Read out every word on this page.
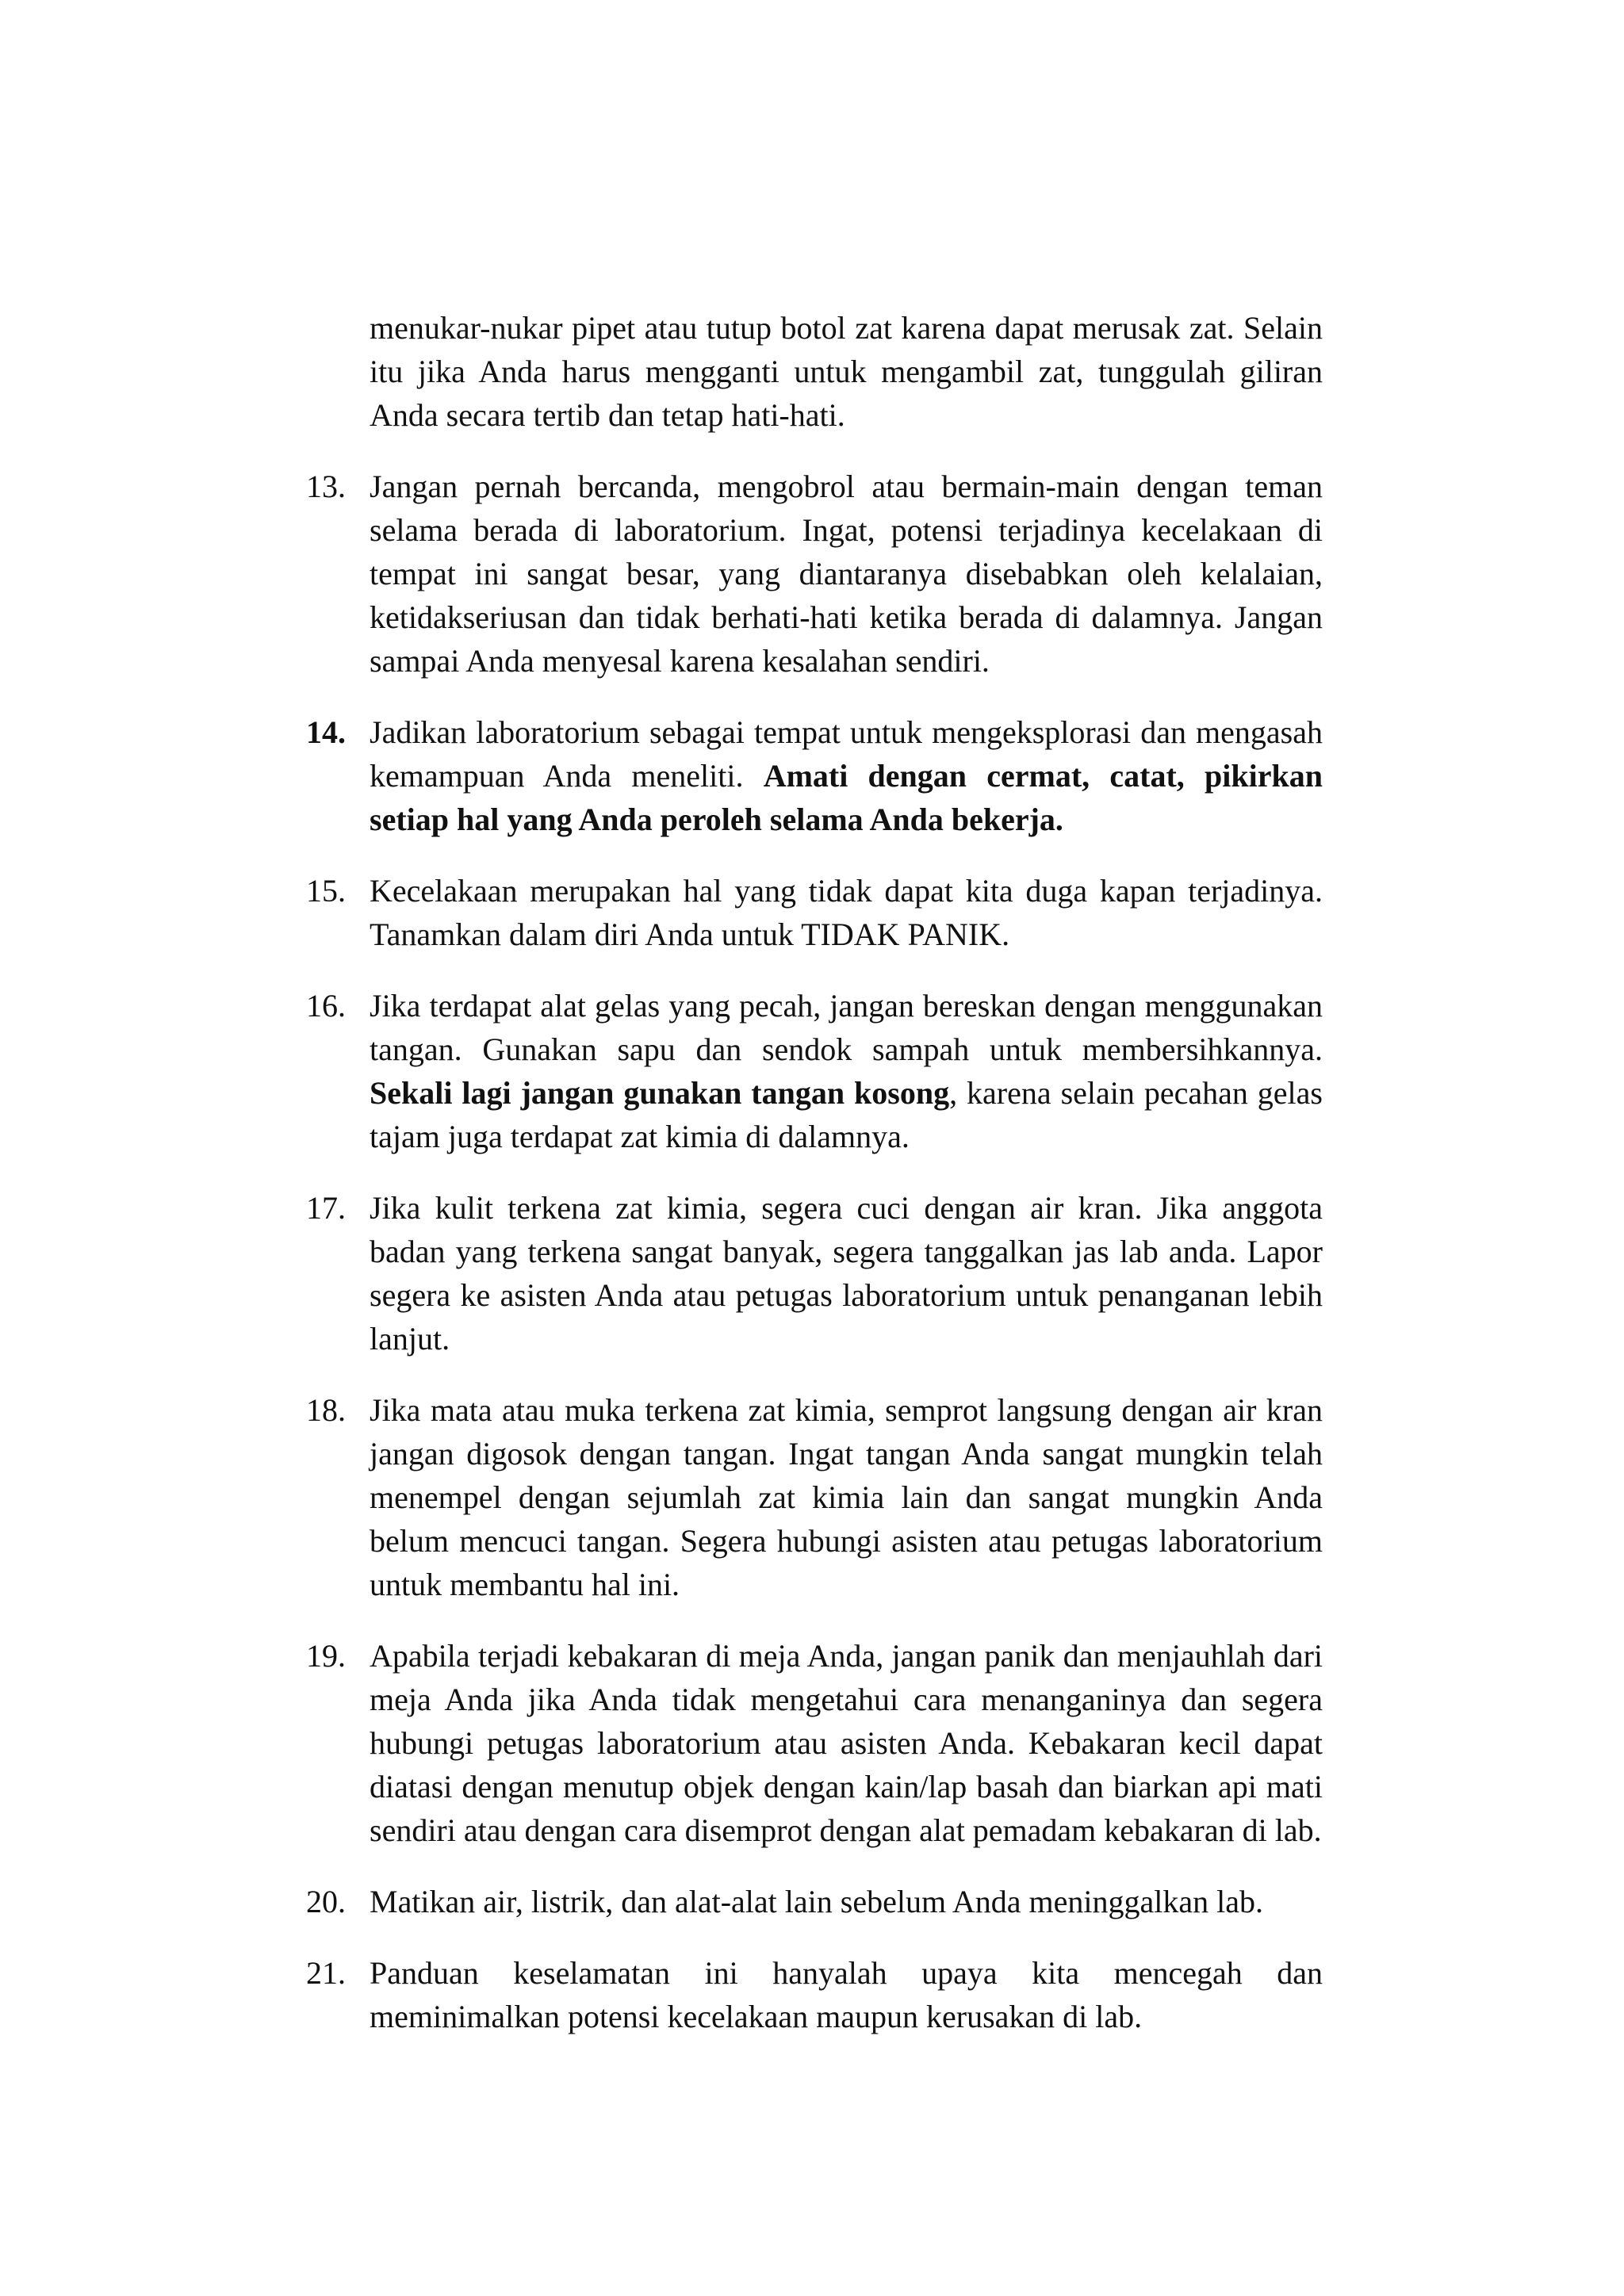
menukar-nukar pipet atau tutup botol zat karena dapat merusak zat. Selain itu jika Anda harus mengganti untuk mengambil zat, tunggulah giliran Anda secara tertib dan tetap hati-hati.

13. Jangan pernah bercanda, mengobrol atau bermain-main dengan teman selama berada di laboratorium. Ingat, potensi terjadinya kecelakaan di tempat ini sangat besar, yang diantaranya disebabkan oleh kelalaian, ketidakseriusan dan tidak berhati-hati ketika berada di dalamnya. Jangan sampai Anda menyesal karena kesalahan sendiri.

14. Jadikan laboratorium sebagai tempat untuk mengeksplorasi dan mengasah kemampuan Anda meneliti. Amati dengan cermat, catat, pikirkan setiap hal yang Anda peroleh selama Anda bekerja.

15. Kecelakaan merupakan hal yang tidak dapat kita duga kapan terjadinya. Tanamkan dalam diri Anda untuk TIDAK PANIK.

16. Jika terdapat alat gelas yang pecah, jangan bereskan dengan menggunakan tangan. Gunakan sapu dan sendok sampah untuk membersihkannya. Sekali lagi jangan gunakan tangan kosong, karena selain pecahan gelas tajam juga terdapat zat kimia di dalamnya.

17. Jika kulit terkena zat kimia, segera cuci dengan air kran. Jika anggota badan yang terkena sangat banyak, segera tanggalkan jas lab anda. Lapor segera ke asisten Anda atau petugas laboratorium untuk penanganan lebih lanjut.

18. Jika mata atau muka terkena zat kimia, semprot langsung dengan air kran jangan digosok dengan tangan. Ingat tangan Anda sangat mungkin telah menempel dengan sejumlah zat kimia lain dan sangat mungkin Anda belum mencuci tangan. Segera hubungi asisten atau petugas laboratorium untuk membantu hal ini.

19. Apabila terjadi kebakaran di meja Anda, jangan panik dan menjauhlah dari meja Anda jika Anda tidak mengetahui cara menanganinya dan segera hubungi petugas laboratorium atau asisten Anda. Kebakaran kecil dapat diatasi dengan menutup objek dengan kain/lap basah dan biarkan api mati sendiri atau dengan cara disemprot dengan alat pemadam kebakaran di lab.

20. Matikan air, listrik, dan alat-alat lain sebelum Anda meninggalkan lab.

21. Panduan keselamatan ini hanyalah upaya kita mencegah dan meminimalkan potensi kecelakaan maupun kerusakan di lab.
